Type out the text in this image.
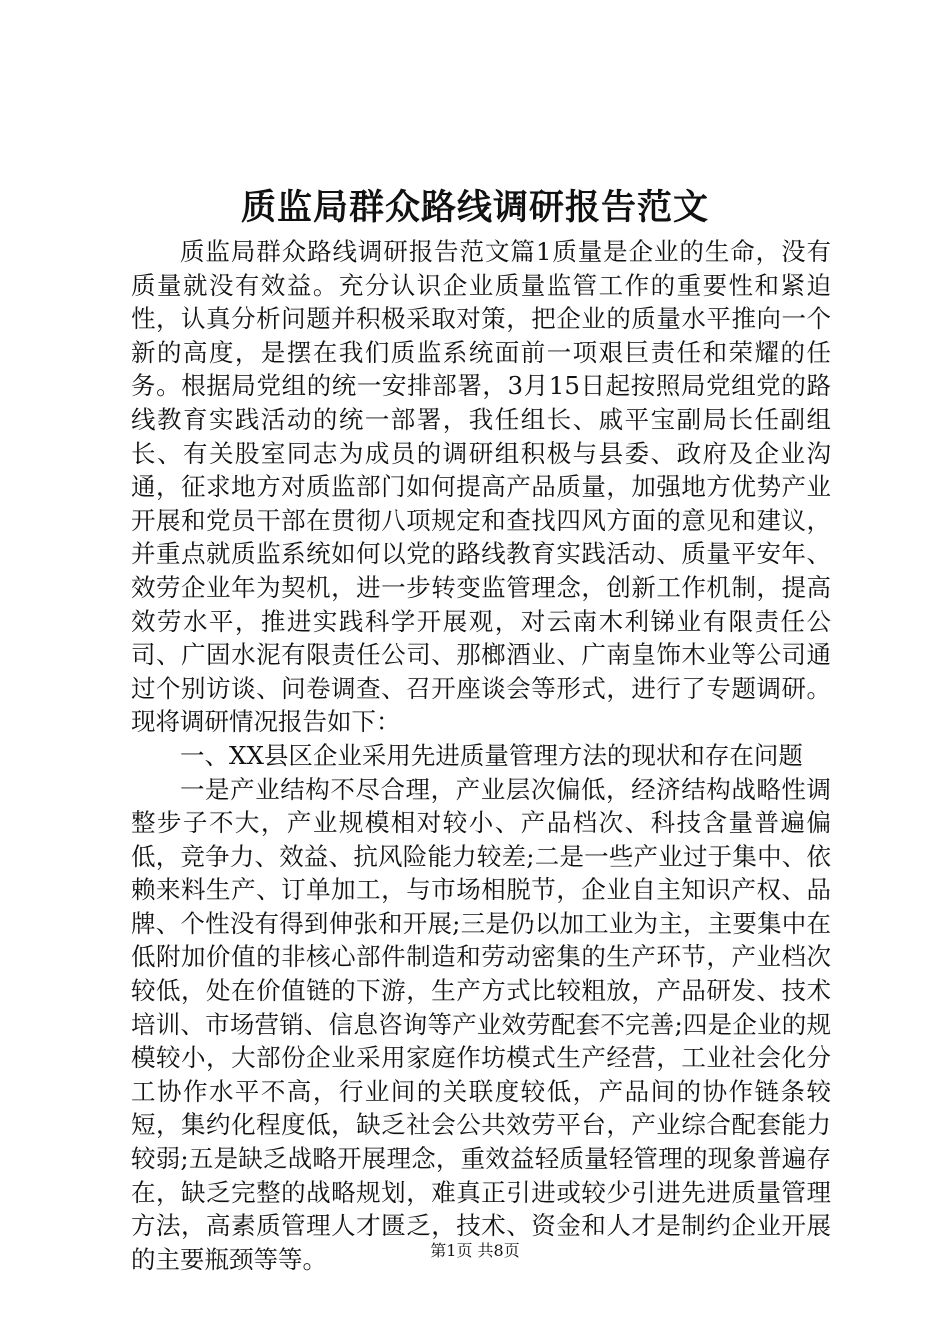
质监局群众路线调研报告范文

质监局群众路线调研报告范文篇1质量是企业的生命，没有质量就没有效益。充分认识企业质量监管工作的重要性和紧迫性，认真分析问题并积极采取对策，把企业的质量水平推向一个新的高度，是摆在我们质监系统面前一项艰巨责任和荣耀的任务。根据局党组的统一安排部署，3月15日起按照局党组党的路线教育实践活动的统一部署，我任组长、戚平宝副局长任副组长、有关股室同志为成员的调研组积极与县委、政府及企业沟通，征求地方对质监部门如何提高产品质量，加强地方优势产业开展和党员干部在贯彻八项规定和查找四风方面的意见和建议，并重点就质监系统如何以党的路线教育实践活动、质量平安年、效劳企业年为契机，进一步转变监管理念，创新工作机制，提高效劳水平，推进实践科学开展观，对云南木利锑业有限责任公司、广固水泥有限责任公司、那榔酒业、广南皇饰木业等公司通过个别访谈、问卷调查、召开座谈会等形式，进行了专题调研。现将调研情况报告如下：

一、XX县区企业采用先进质量管理方法的现状和存在问题

一是产业结构不尽合理，产业层次偏低，经济结构战略性调整步子不大，产业规模相对较小、产品档次、科技含量普遍偏低，竞争力、效益、抗风险能力较差;二是一些产业过于集中、依赖来料生产、订单加工，与市场相脱节，企业自主知识产权、品牌、个性没有得到伸张和开展;三是仍以加工业为主，主要集中在低附加价值的非核心部件制造和劳动密集的生产环节，产业档次较低，处在价值链的下游，生产方式比较粗放，产品研发、技术培训、市场营销、信息咨询等产业效劳配套不完善;四是企业的规模较小，大部份企业采用家庭作坊模式生产经营，工业社会化分工协作水平不高，行业间的关联度较低，产品间的协作链条较短，集约化程度低，缺乏社会公共效劳平台，产业综合配套能力较弱;五是缺乏战略开展理念，重效益轻质量轻管理的现象普遍存在，缺乏完整的战略规划，难真正引进或较少引进先进质量管理方法，高素质管理人才匮乏，技术、资金和人才是制约企业开展的主要瓶颈等等。	第1页 共8页
